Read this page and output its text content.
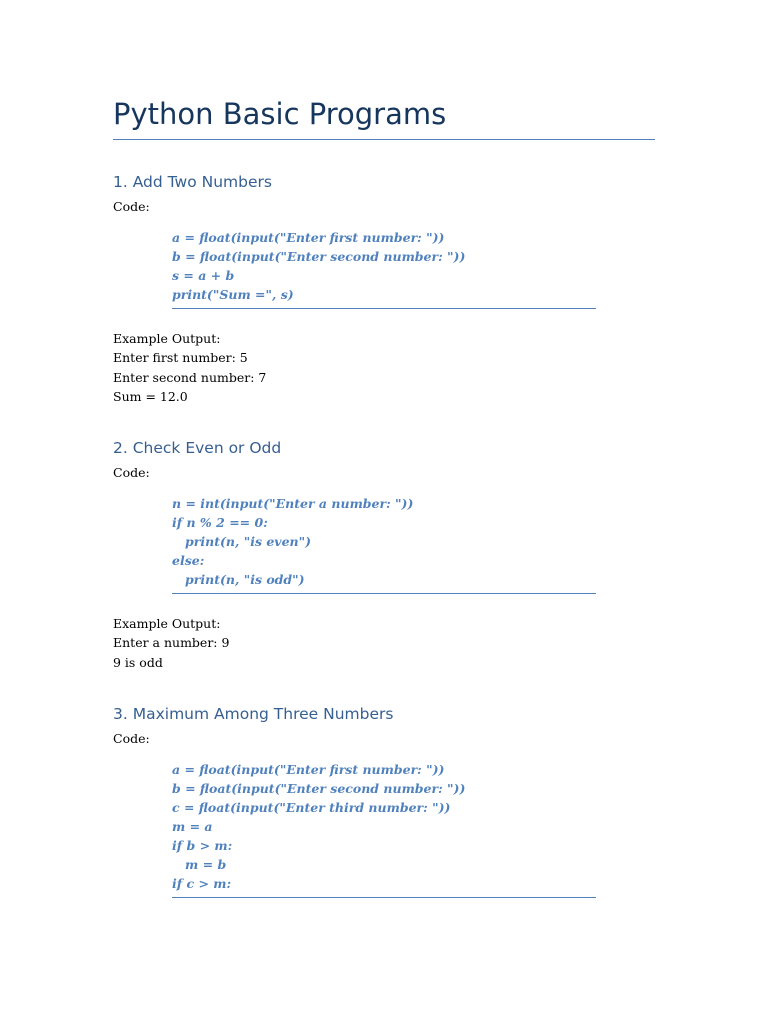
Python Basic Programs
1. Add Two Numbers
Code:
a = float(input("Enter first number: "))
b = float(input("Enter second number: "))
s = a + b
print("Sum =", s)
Example Output:
Enter first number: 5
Enter second number: 7
Sum = 12.0
2. Check Even or Odd
Code:
n = int(input("Enter a number: "))
if n % 2 == 0:
print(n, "is even")
else:
print(n, "is odd")
Example Output:
Enter a number: 9
9 is odd
3. Maximum Among Three Numbers
Code:
a = float(input("Enter first number: "))
b = float(input("Enter second number: "))
c = float(input("Enter third number: "))
m = a
if b > m:
m = b
if c > m:
